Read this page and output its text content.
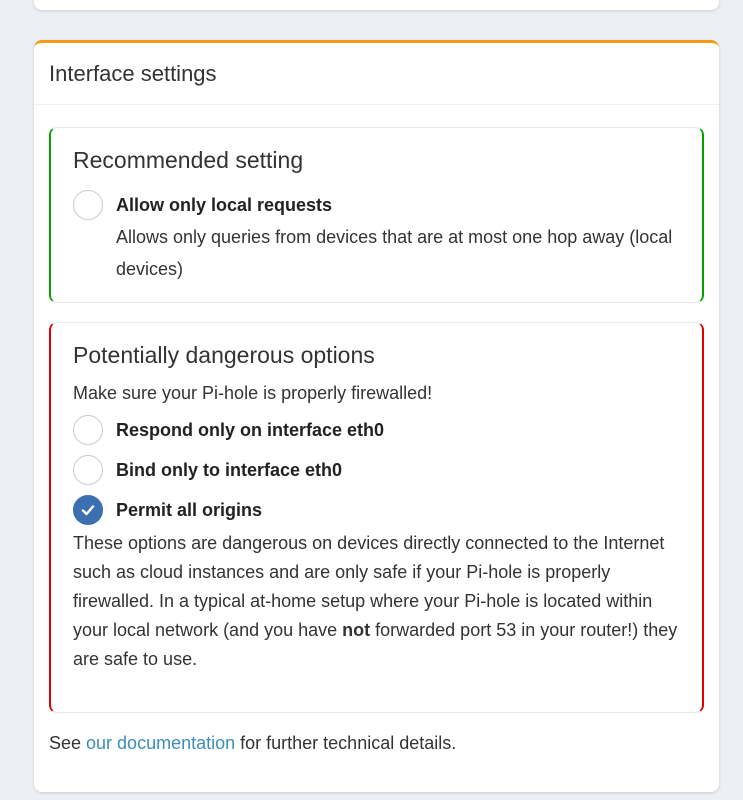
Interface settings
Recommended setting
Allow only local requests
Allows only queries from devices that are at most one hop away (local devices)
Potentially dangerous options
Make sure your Pi-hole is properly firewalled!
Respond only on interface eth0
Bind only to interface eth0
Permit all origins
These options are dangerous on devices directly connected to the Internet such as cloud instances and are only safe if your Pi-hole is properly firewalled. In a typical at-home setup where your Pi-hole is located within your local network (and you have not forwarded port 53 in your router!) they are safe to use.
See our documentation for further technical details.
